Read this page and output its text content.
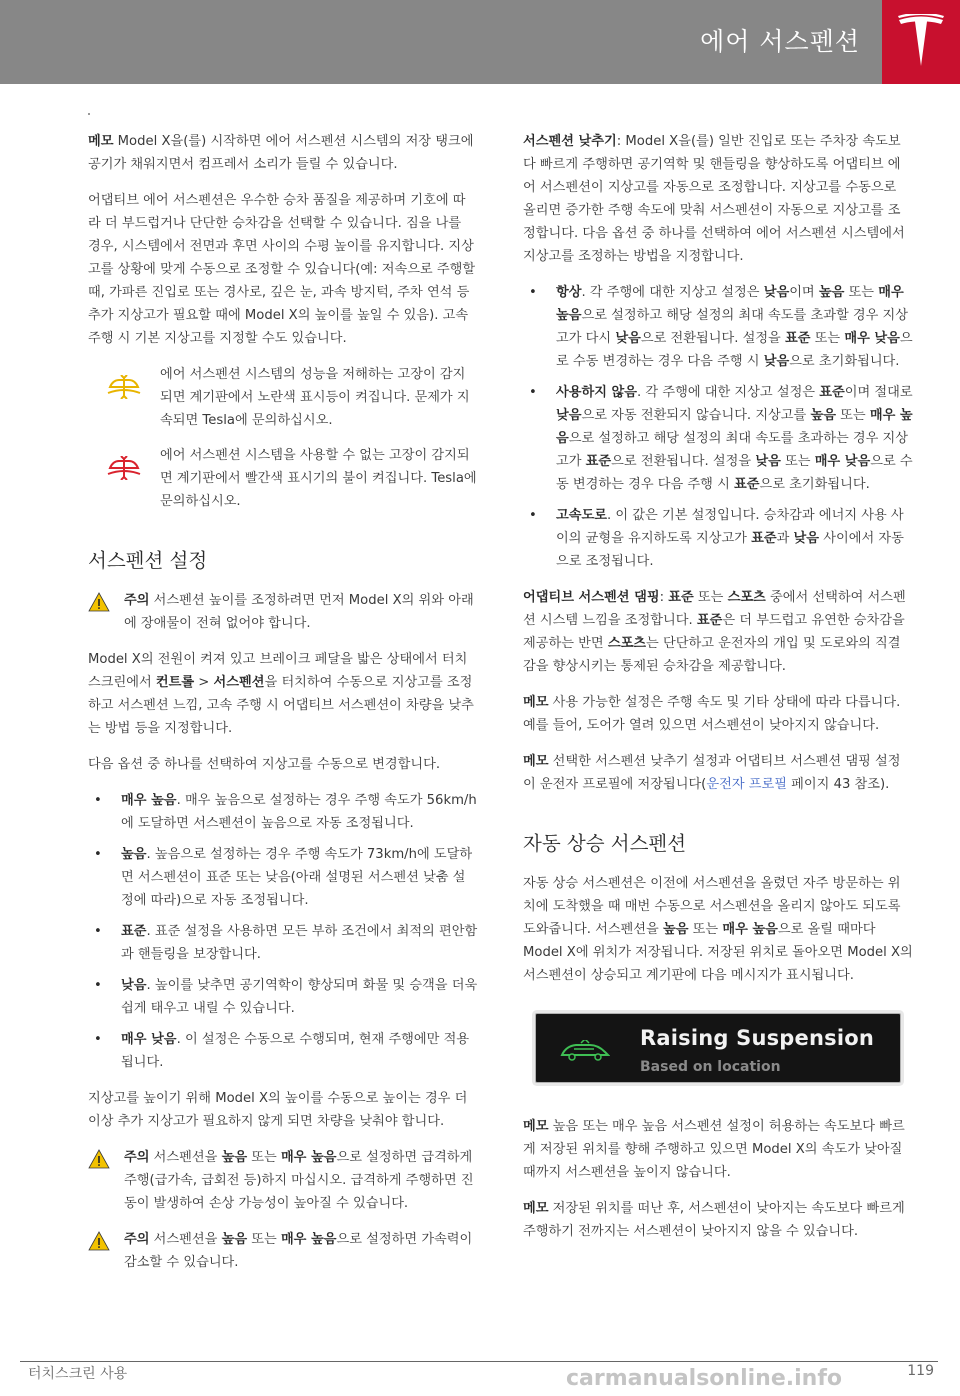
에어 서스펜션

메모 Model X을(를) 시작하면 에어 서스펜션 시스템의 저장 탱크에 공기가 채워지면서 컴프레서 소리가 들릴 수 있습니다.

어댑티브 에어 서스펜션은 우수한 승차 품질을 제공하며 기호에 따라 더 부드럽거나 단단한 승차감을 선택할 수 있습니다. 짐을 나를 경우, 시스템에서 전면과 후면 사이의 수평 높이를 유지합니다. 지상고를 상황에 맞게 수동으로 조정할 수 있습니다(예: 저속으로 주행할 때, 가파른 진입로 또는 경사로, 깊은 눈, 과속 방지턱, 주차 연석 등 추가 지상고가 필요할 때에 Model X의 높이를 높일 수 있음). 고속 주행 시 기본 지상고를 지정할 수도 있습니다.

에어 서스펜션 시스템의 성능을 저해하는 고장이 감지되면 계기판에서 노란색 표시등이 켜집니다. 문제가 지속되면 Tesla에 문의하십시오.
에어 서스펜션 시스템을 사용할 수 없는 고장이 감지되면 계기판에서 빨간색 표시기의 불이 켜집니다. Tesla에 문의하십시오.
서스펜션 설정
주의 서스펜션 높이를 조정하려면 먼저 Model X의 위와 아래에 장애물이 전혀 없어야 합니다.

Model X의 전원이 켜져 있고 브레이크 페달을 밟은 상태에서 터치스크린에서 컨트롤 > 서스펜션을 터치하여 수동으로 지상고를 조정하고 서스펜션 느낌, 고속 주행 시 어댑티브 서스펜션이 차량을 낮추는 방법 등을 지정합니다.

다음 옵션 중 하나를 선택하여 지상고를 수동으로 변경합니다.

• 매우 높음. 매우 높음으로 설정하는 경우 주행 속도가 56km/h에 도달하면 서스펜션이 높음으로 자동 조정됩니다.
• 높음. 높음으로 설정하는 경우 주행 속도가 73km/h에 도달하면 서스펜션이 표준 또는 낮음(아래 설명된 서스펜션 낮춤 설정에 따라)으로 자동 조정됩니다.
• 표준. 표준 설정을 사용하면 모든 부하 조건에서 최적의 편안함과 핸들링을 보장합니다.
• 낮음. 높이를 낮추면 공기역학이 향상되며 화물 및 승객을 더욱 쉽게 태우고 내릴 수 있습니다.
• 매우 낮음. 이 설정은 수동으로 수행되며, 현재 주행에만 적용됩니다.

지상고를 높이기 위해 Model X의 높이를 수동으로 높이는 경우 더 이상 추가 지상고가 필요하지 않게 되면 차량을 낮춰야 합니다.

주의 서스펜션을 높음 또는 매우 높음으로 설정하면 급격하게 주행(급가속, 급회전 등)하지 마십시오. 급격하게 주행하면 진동이 발생하여 손상 가능성이 높아질 수 있습니다.
주의 서스펜션을 높음 또는 매우 높음으로 설정하면 가속력이 감소할 수 있습니다.

서스펜션 낮추기: Model X을(를) 일반 진입로 또는 주차장 속도보다 빠르게 주행하면 공기역학 및 핸들링을 향상하도록 어댑티브 에어 서스펜션이 지상고를 자동으로 조정합니다. 지상고를 수동으로 올리면 증가한 주행 속도에 맞춰 서스펜션이 자동으로 지상고를 조정합니다. 다음 옵션 중 하나를 선택하여 에어 서스펜션 시스템에서 지상고를 조정하는 방법을 지정합니다.

• 항상. 각 주행에 대한 지상고 설정은 낮음이며 높음 또는 매우 높음으로 설정하고 해당 설정의 최대 속도를 초과할 경우 지상고가 다시 낮음으로 전환됩니다. 설정을 표준 또는 매우 낮음으로 수동 변경하는 경우 다음 주행 시 낮음으로 초기화됩니다.
• 사용하지 않음. 각 주행에 대한 지상고 설정은 표준이며 절대로 낮음으로 자동 전환되지 않습니다. 지상고를 높음 또는 매우 높음으로 설정하고 해당 설정의 최대 속도를 초과하는 경우 지상고가 표준으로 전환됩니다. 설정을 낮음 또는 매우 낮음으로 수동 변경하는 경우 다음 주행 시 표준으로 초기화됩니다.
• 고속도로. 이 값은 기본 설정입니다. 승차감과 에너지 사용 사이의 균형을 유지하도록 지상고가 표준과 낮음 사이에서 자동으로 조정됩니다.

어댑티브 서스펜션 댐핑: 표준 또는 스포츠 중에서 선택하여 서스펜션 시스템 느낌을 조정합니다. 표준은 더 부드럽고 유연한 승차감을 제공하는 반면 스포츠는 단단하고 운전자의 개입 및 도로와의 직결감을 향상시키는 통제된 승차감을 제공합니다.

메모 사용 가능한 설정은 주행 속도 및 기타 상태에 따라 다릅니다. 예를 들어, 도어가 열려 있으면 서스펜션이 낮아지지 않습니다.

메모 선택한 서스펜션 낮추기 설정과 어댑티브 서스펜션 댐핑 설정이 운전자 프로필에 저장됩니다(운전자 프로필 페이지 43 참조).

자동 상승 서스펜션

자동 상승 서스펜션은 이전에 서스펜션을 올렸던 자주 방문하는 위치에 도착했을 때 매번 수동으로 서스펜션을 올리지 않아도 되도록 도와줍니다. 서스펜션을 높음 또는 매우 높음으로 올릴 때마다 Model X에 위치가 저장됩니다. 저장된 위치로 돌아오면 Model X의 서스펜션이 상승되고 계기판에 다음 메시지가 표시됩니다.

Raising Suspension
Based on location

메모 높음 또는 매우 높음 서스펜션 설정이 허용하는 속도보다 빠르게 저장된 위치를 향해 주행하고 있으면 Model X의 속도가 낮아질 때까지 서스펜션을 높이지 않습니다.

메모 저장된 위치를 떠난 후, 서스펜션이 낮아지는 속도보다 빠르게 주행하기 전까지는 서스펜션이 낮아지지 않을 수 있습니다.

터치스크린 사용	119
carmanualsonline.info
